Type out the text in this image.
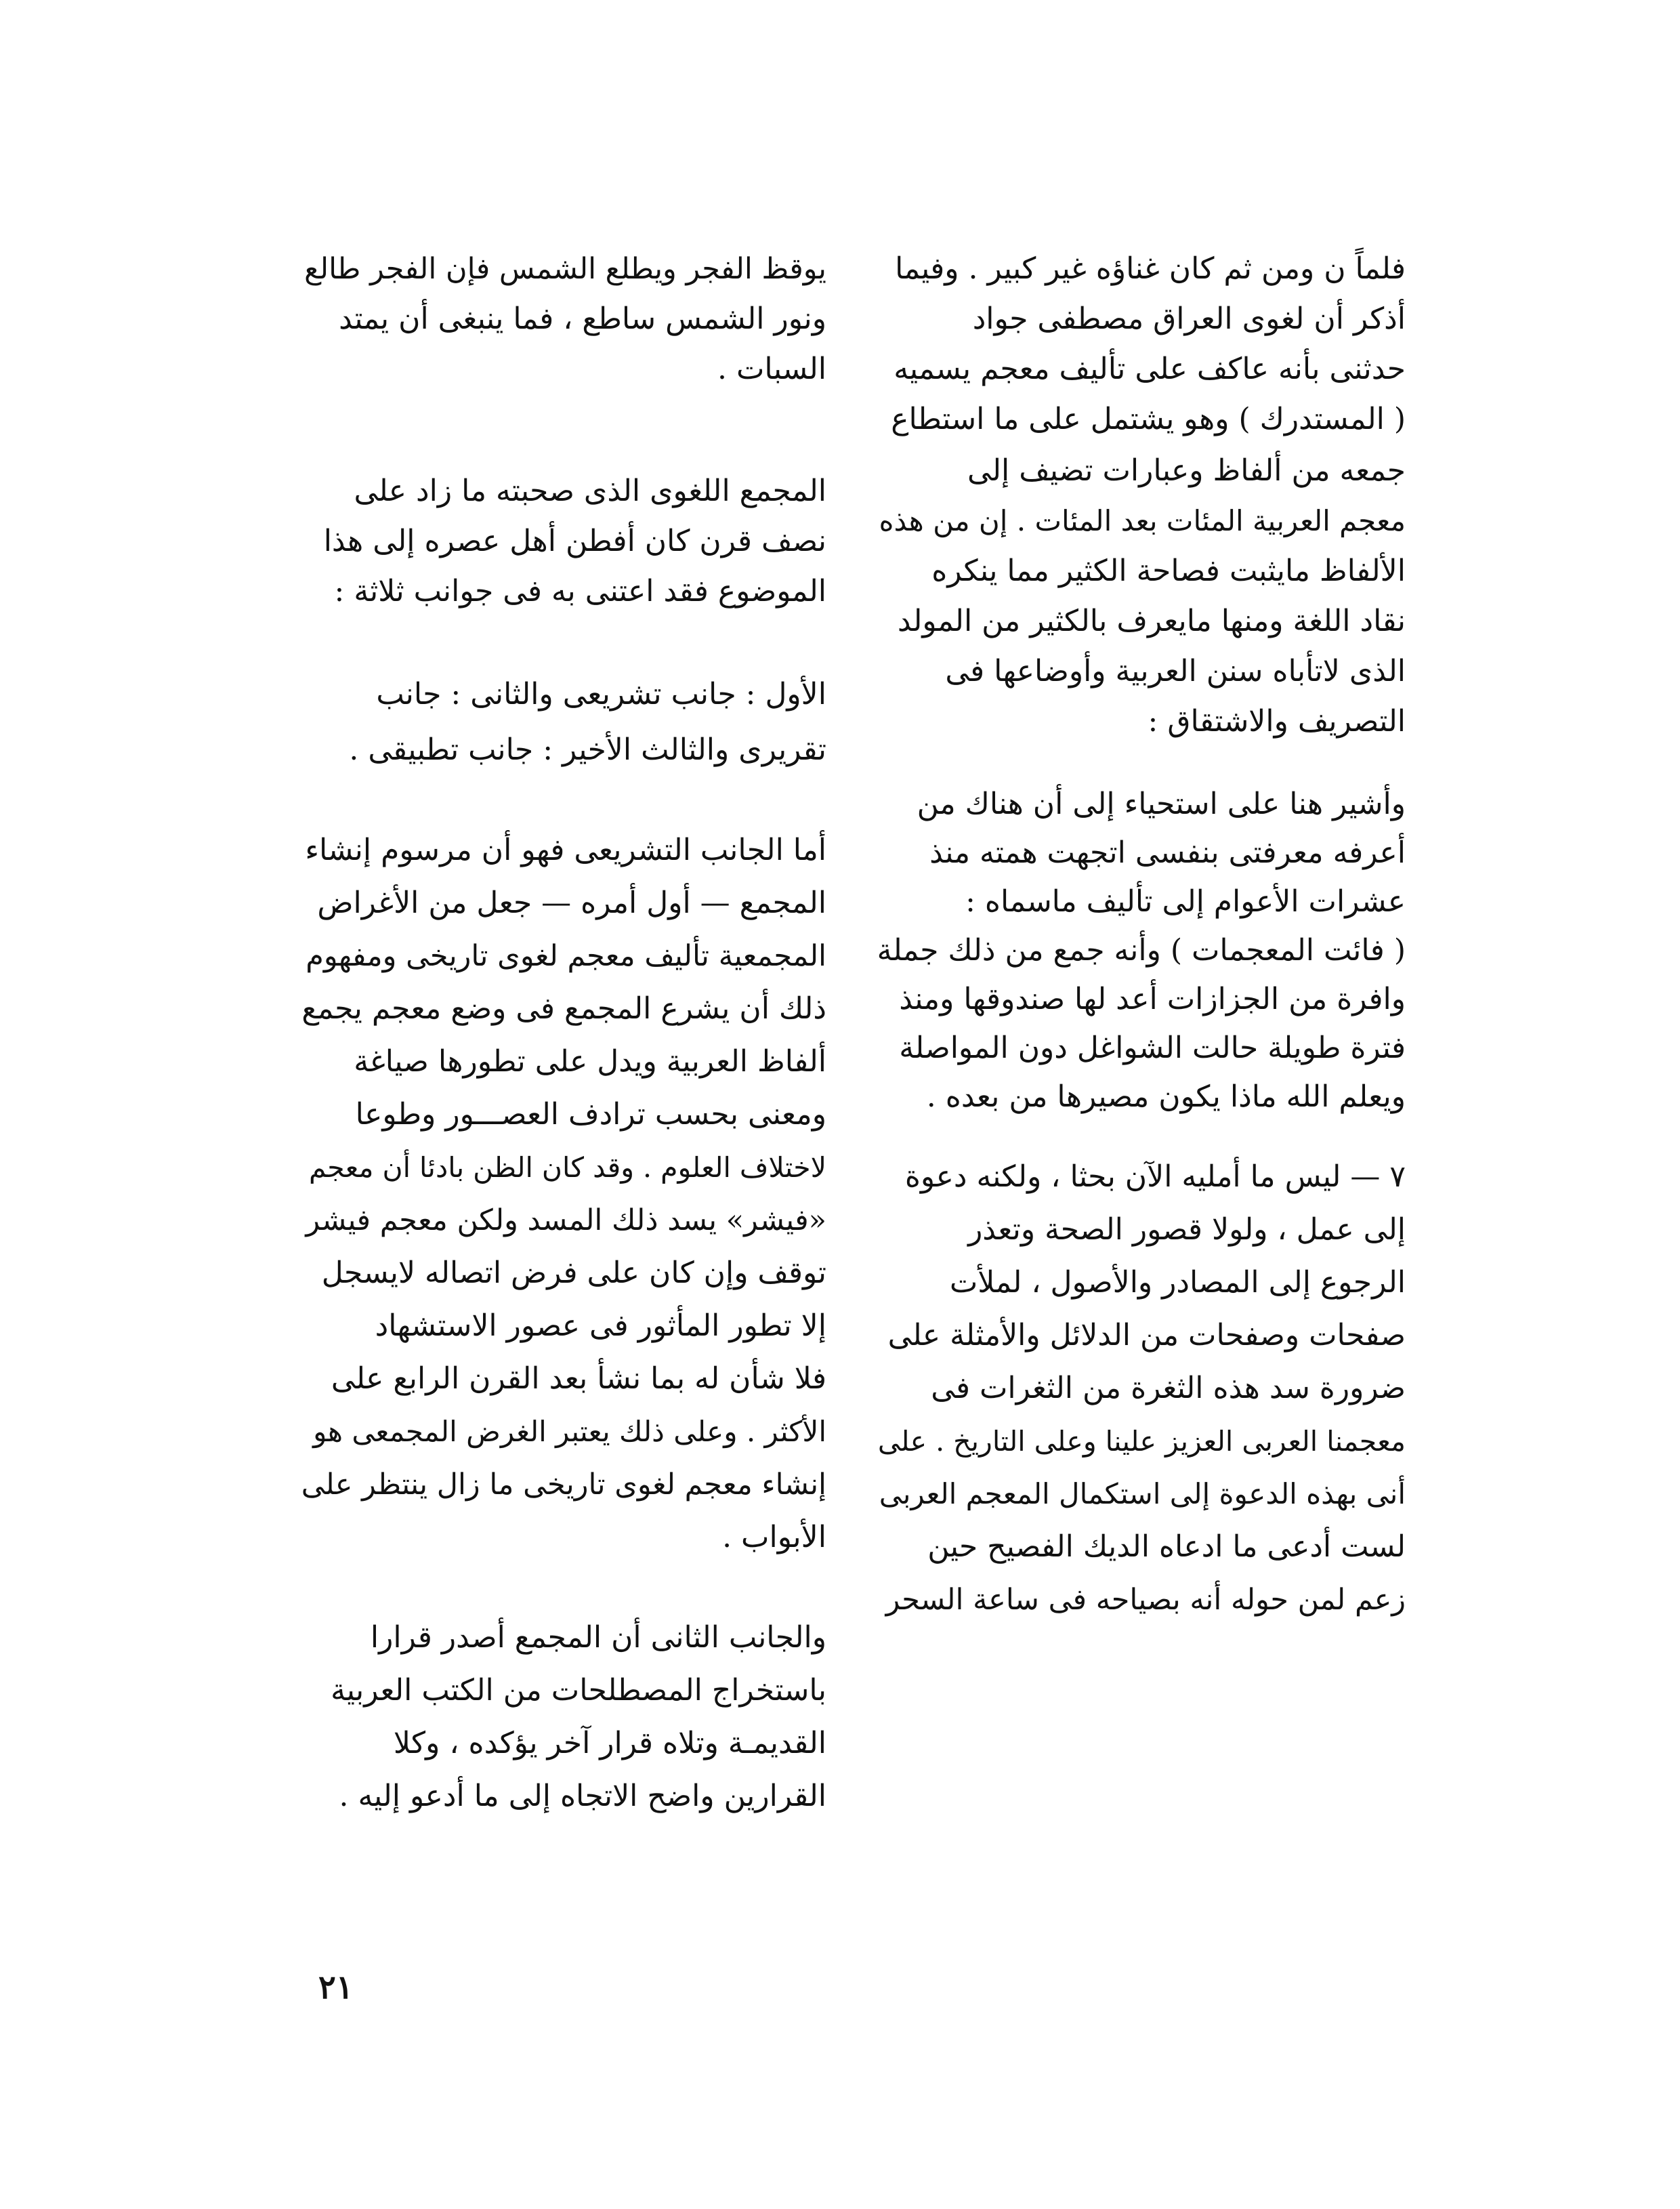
فلماً ن ومن ثم كان غناؤه غير كبير . وفيما
أذكر أن لغوى العراق مصطفى جواد
حدثنى بأنه عاكف على تأليف معجم يسميه
( المستدرك ) وهو يشتمل على ما استطاع
جمعه من ألفاظ وعبارات تضيف إلى
معجم العربية المئات بعد المئات . إن من هذه
الألفاظ مايثبت فصاحة الكثير مما ينكره
نقاد اللغة ومنها مايعرف بالكثير من المولد
الذى لاتأباه سنن العربية وأوضاعها فى
التصريف والاشتقاق :
وأشير هنا على استحياء إلى أن هناك من
أعرفه معرفتى بنفسى اتجهت همته منذ
عشرات الأعوام إلى تأليف ماسماه :
( فائت المعجمات ) وأنه جمع من ذلك جملة
وافرة من الجزازات أعد لها صندوقها ومنذ
فترة طويلة حالت الشواغل دون المواصلة
ويعلم الله ماذا يكون مصيرها من بعده .
٧ — ليس ما أمليه الآن بحثا ، ولكنه دعوة
إلى عمل ، ولولا قصور الصحة وتعذر
الرجوع إلى المصادر والأصول ، لملأت
صفحات وصفحات من الدلائل والأمثلة على
ضرورة سد هذه الثغرة من الثغرات فى
معجمنا العربى العزيز علينا وعلى التاريخ . على
أنى بهذه الدعوة إلى استكمال المعجم العربى
لست أدعى ما ادعاه الديك الفصيح حين
زعم لمن حوله أنه بصياحه فى ساعة السحر
يوقظ الفجر ويطلع الشمس فإن الفجر طالع
ونور الشمس ساطع ، فما ينبغى أن يمتد
السبات .
المجمع اللغوى الذى صحبته ما زاد على
نصف قرن كان أفطن أهل عصره إلى هذا
الموضوع فقد اعتنى به فى جوانب ثلاثة :
الأول : جانب تشريعى والثانى : جانب
تقريرى والثالث الأخير : جانب تطبيقى .
أما الجانب التشريعى فهو أن مرسوم إنشاء
المجمع — أول أمره — جعل من الأغراض
المجمعية تأليف معجم لغوى تاريخى ومفهوم
ذلك أن يشرع المجمع فى وضع معجم يجمع
ألفاظ العربية ويدل على تطورها صياغة
ومعنى بحسب ترادف العصـــور وطوعا
لاختلاف العلوم . وقد كان الظن بادئا أن معجم
«فيشر» يسد ذلك المسد ولكن معجم فيشر
توقف وإن كان على فرض اتصاله لايسجل
إلا تطور المأثور فى عصور الاستشهاد
فلا شأن له بما نشأ بعد القرن الرابع على
الأكثر . وعلى ذلك يعتبر الغرض المجمعى هو
إنشاء معجم لغوى تاريخى ما زال ينتظر على
الأبواب .
والجانب الثانى أن المجمع أصدر قرارا
باستخراج المصطلحات من الكتب العربية
القديمـة وتلاه قرار آخر يؤكده ، وكلا
القرارين واضح الاتجاه إلى ما أدعو إليه .
٢١
